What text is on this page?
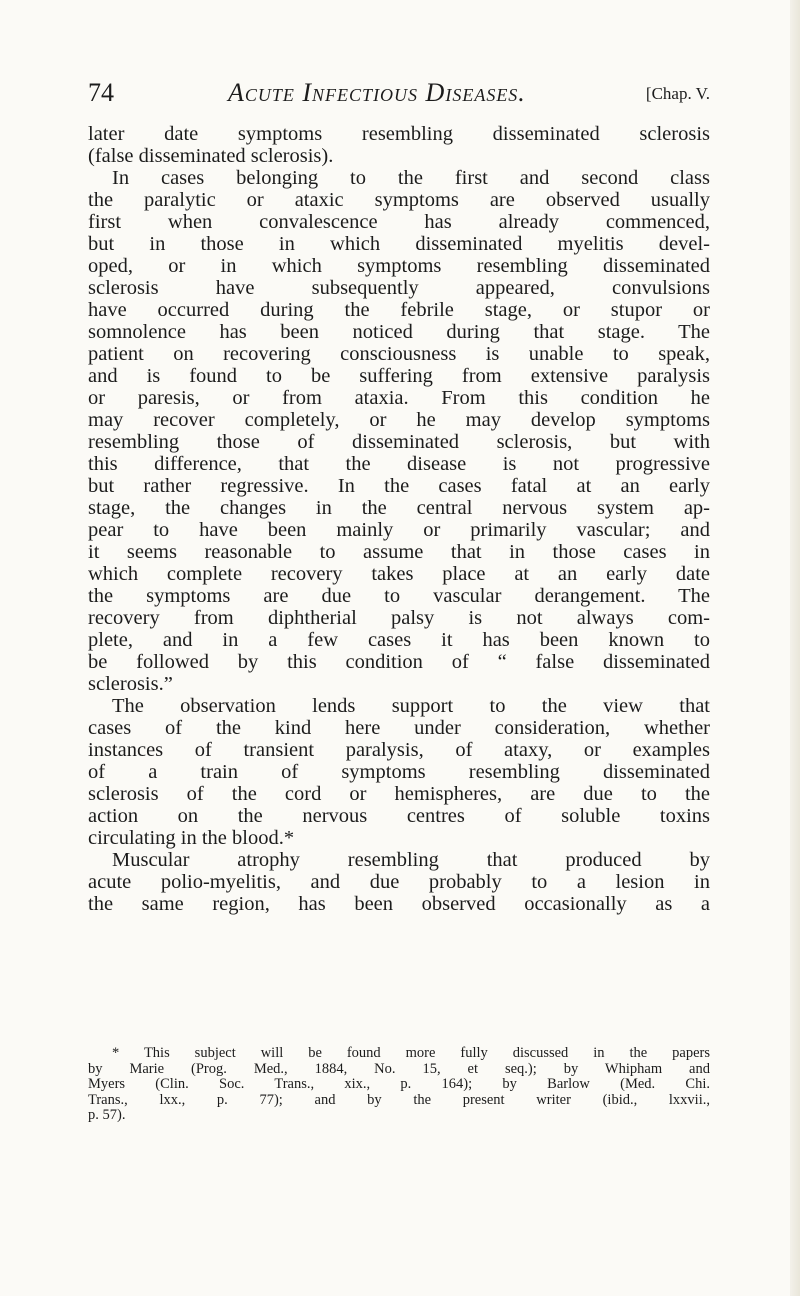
74	Acute Infectious Diseases.	[Chap. V.
later date symptoms resembling disseminated sclerosis
(false disseminated sclerosis).
In cases belonging to the first and second class
the paralytic or ataxic symptoms are observed usually
first when convalescence has already commenced,
but in those in which disseminated myelitis devel-
oped, or in which symptoms resembling disseminated
sclerosis have subsequently appeared, convulsions
have occurred during the febrile stage, or stupor or
somnolence has been noticed during that stage. The
patient on recovering consciousness is unable to speak,
and is found to be suffering from extensive paralysis
or paresis, or from ataxia. From this condition he
may recover completely, or he may develop symptoms
resembling those of disseminated sclerosis, but with
this difference, that the disease is not progressive
but rather regressive. In the cases fatal at an early
stage, the changes in the central nervous system ap-
pear to have been mainly or primarily vascular; and
it seems reasonable to assume that in those cases in
which complete recovery takes place at an early date
the symptoms are due to vascular derangement. The
recovery from diphtherial palsy is not always com-
plete, and in a few cases it has been known to
be followed by this condition of “ false disseminated
sclerosis.”
The observation lends support to the view that
cases of the kind here under consideration, whether
instances of transient paralysis, of ataxy, or examples
of a train of symptoms resembling disseminated
sclerosis of the cord or hemispheres, are due to the
action on the nervous centres of soluble toxins
circulating in the blood.*
Muscular atrophy resembling that produced by
acute polio-myelitis, and due probably to a lesion in
the same region, has been observed occasionally as a
* This subject will be found more fully discussed in the papers
by Marie (Prog. Med., 1884, No. 15, et seq.); by Whipham and
Myers (Clin. Soc. Trans., xix., p. 164); by Barlow (Med. Chi.
Trans., lxx., p. 77); and by the present writer (ibid., lxxvii.,
p. 57).
